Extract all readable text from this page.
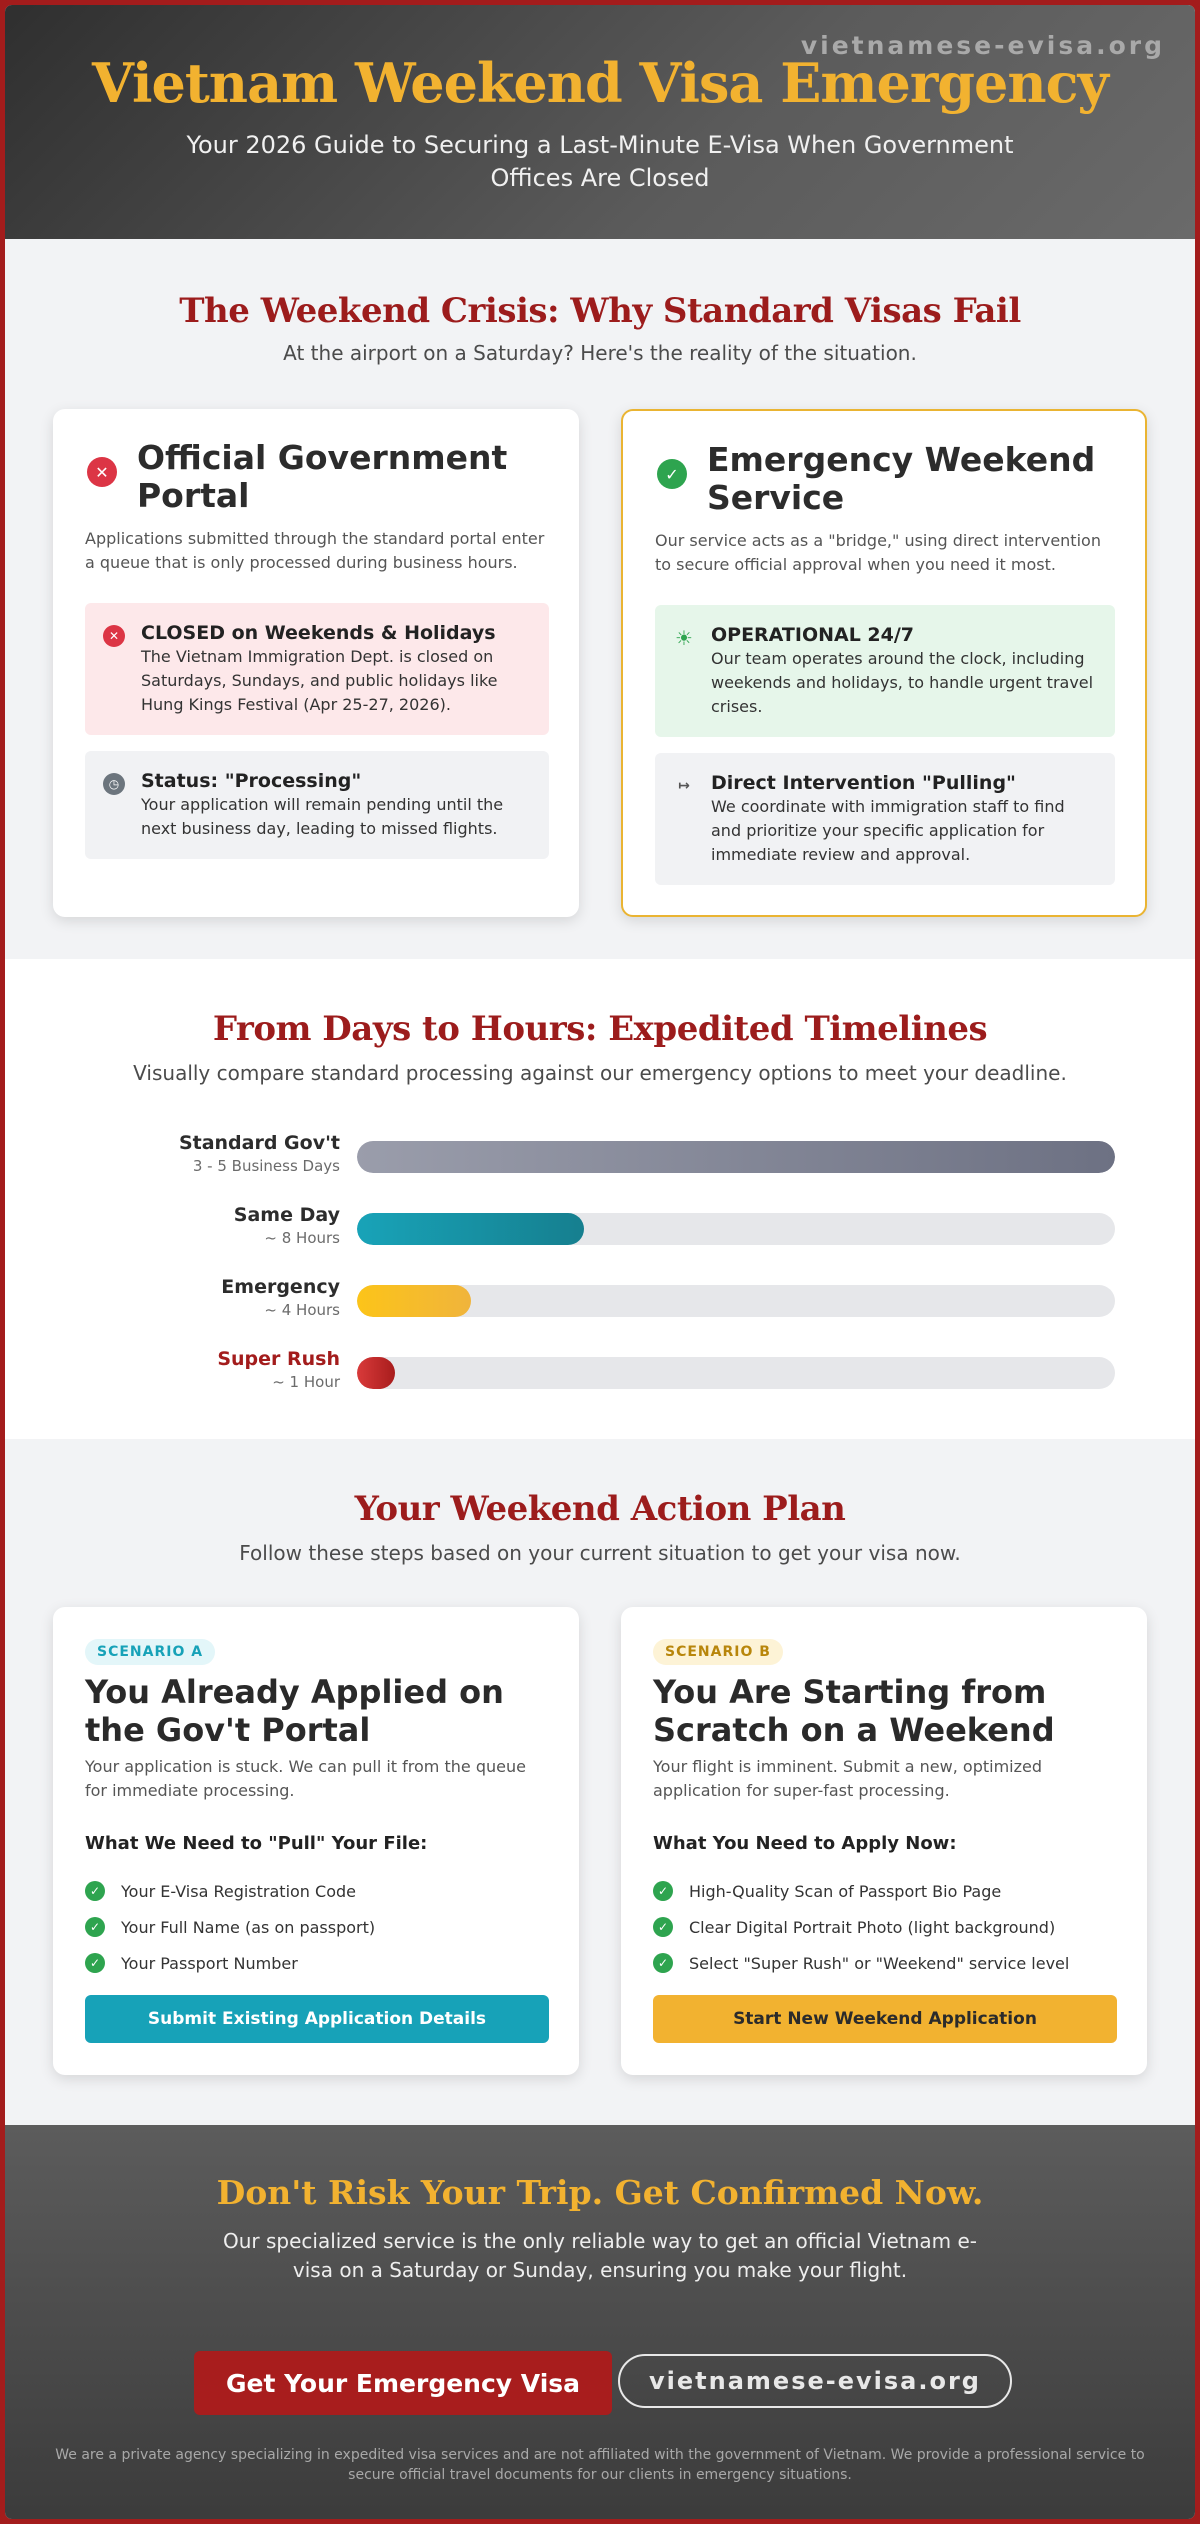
vietnamese-evisa.org
Vietnam Weekend Visa Emergency

Your 2026 Guide to Securing a Last-Minute E-Visa When Government Offices Are Closed

The Weekend Crisis: Why Standard Visas Fail

At the airport on a Saturday? Here's the reality of the situation.

✕ Official Government Portal

Applications submitted through the standard portal enter a queue that is only processed during business hours.

✕	CLOSED on Weekends & Holidays

The Vietnam Immigration Dept. is closed on Saturdays, Sundays, and public holidays like Hung Kings Festival (Apr 25-27, 2026).

◷	Status: "Processing"

Your application will remain pending until the next business day, leading to missed flights.

✓ Emergency Weekend Service

Our service acts as a "bridge," using direct intervention to secure official approval when you need it most.

☀ OPERATIONAL 24/7

Our team operates around the clock, including weekends and holidays, to handle urgent travel crises.

↦ Direct Intervention "Pulling"

We coordinate with immigration staff to find and prioritize your specific application for immediate review and approval.

From Days to Hours: Expedited Timelines

Visually compare standard processing against our emergency options to meet your deadline.

Standard Gov't
3 - 5 Business Days
Same Day
~ 8 Hours
Emergency
~ 4 Hours
Super Rush
~ 1 Hour
Your Weekend Action Plan

Follow these steps based on your current situation to get your visa now.

SCENARIO A
You Already Applied on the Gov't Portal

Your application is stuck. We can pull it from the queue for immediate processing.

What We Need to "Pull" Your File:
✓	Your E-Visa Registration Code
✓	Your Full Name (as on passport)
✓	Your Passport Number
Submit Existing Application Details
SCENARIO B
You Are Starting from Scratch on a Weekend

Your flight is imminent. Submit a new, optimized application for super-fast processing.

What You Need to Apply Now:
✓	High-Quality Scan of Passport Bio Page
✓	Clear Digital Portrait Photo (light background)
✓	Select "Super Rush" or "Weekend" service level
Start New Weekend Application
Don't Risk Your Trip. Get Confirmed Now.

Our specialized service is the only reliable way to get an official Vietnam e-visa on a Saturday or Sunday, ensuring you make your flight.

Get Your Emergency Visa	vietnamese-evisa.org

We are a private agency specializing in expedited visa services and are not affiliated with the government of Vietnam. We provide a professional service to secure official travel documents for our clients in emergency situations.
